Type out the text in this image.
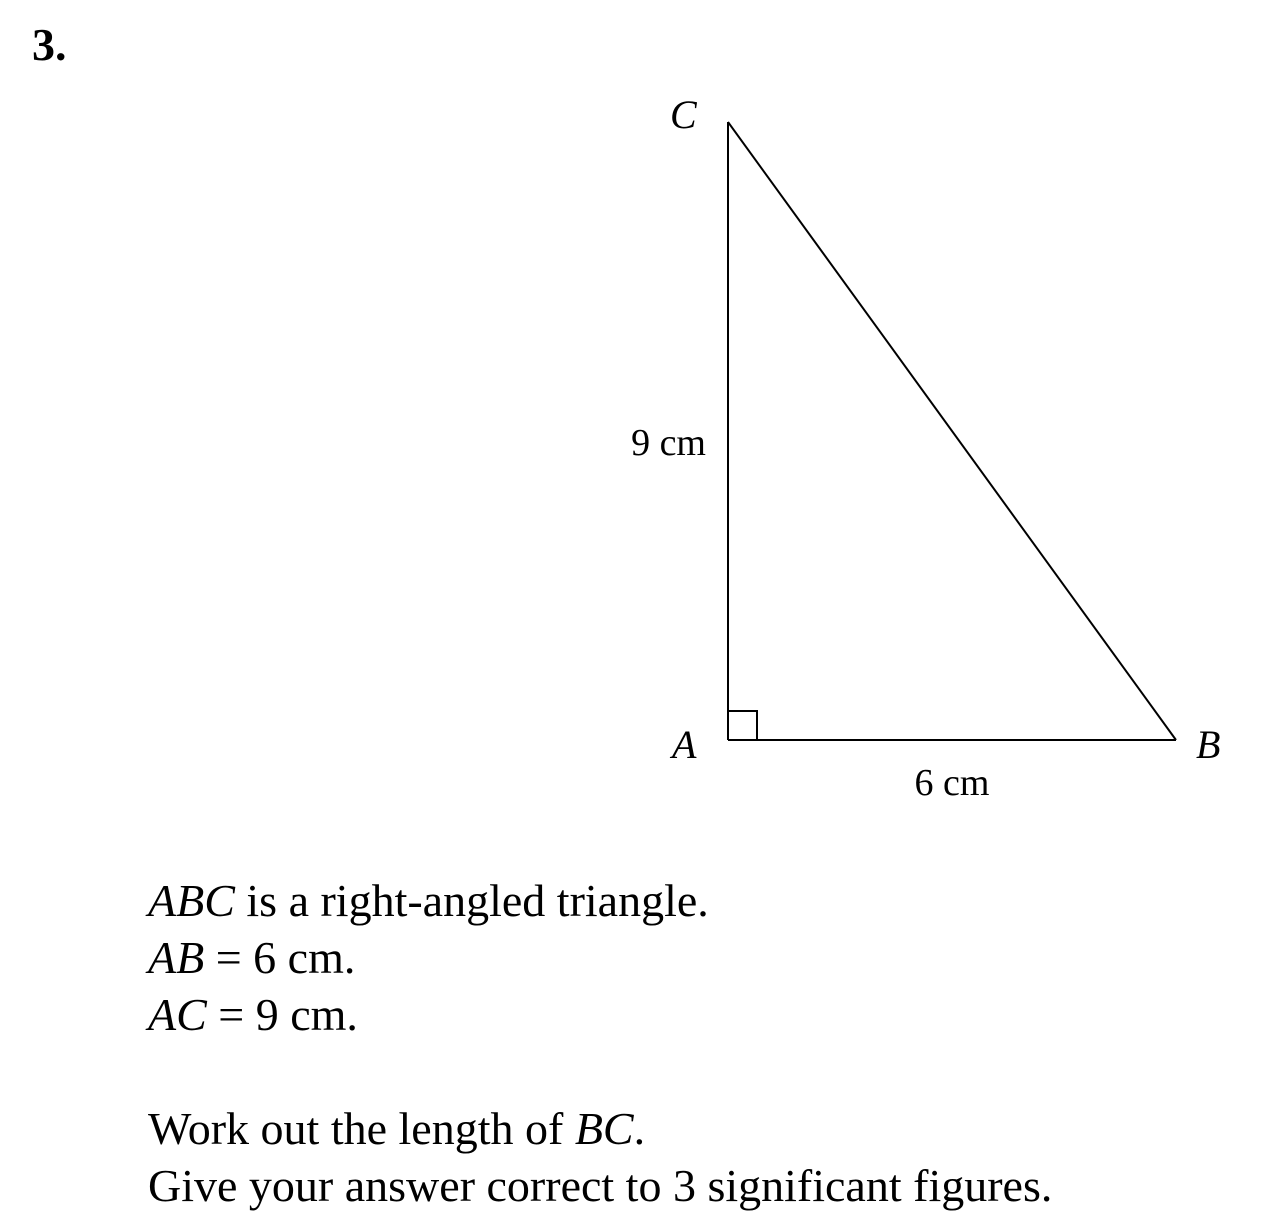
3.
C
A	B
9 cm
6 cm
ABC is a right-angled triangle.
AB = 6 cm.
AC = 9 cm.
Work out the length of BC.
Give your answer correct to 3 significant figures.
